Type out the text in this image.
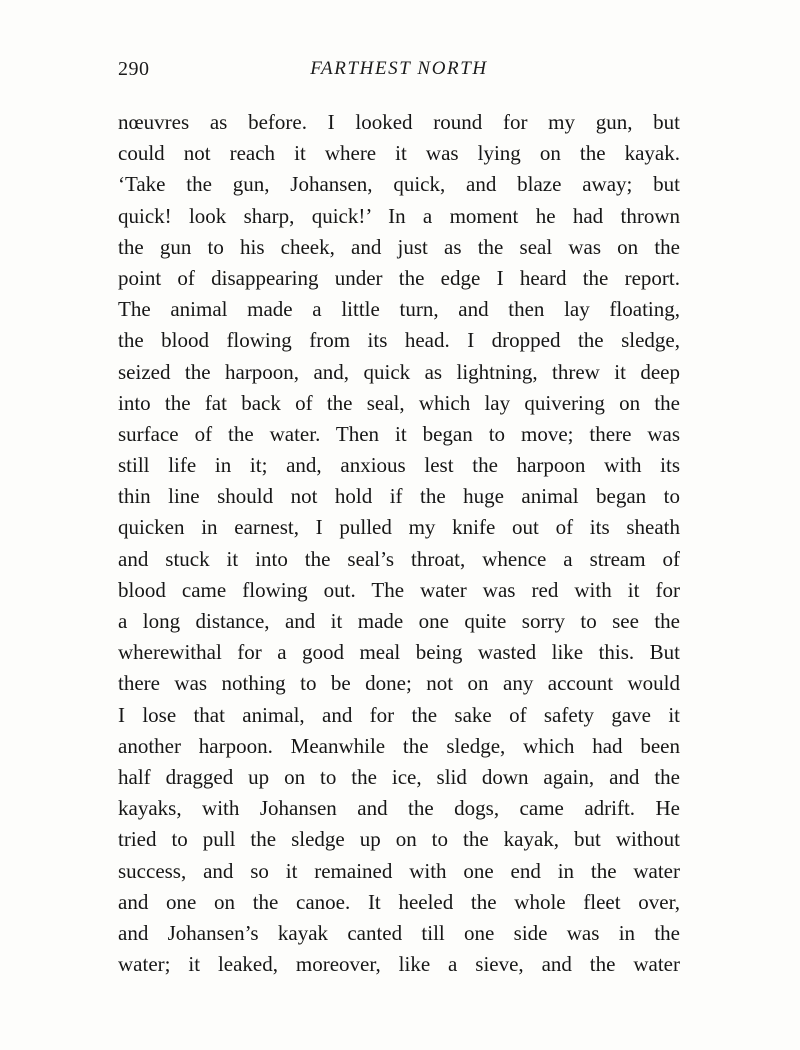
290	FARTHEST NORTH
nœuvres as before. I looked round for my gun, but
could not reach it where it was lying on the kayak.
‘Take the gun, Johansen, quick, and blaze away; but
quick! look sharp, quick!’ In a moment he had thrown
the gun to his cheek, and just as the seal was on the
point of disappearing under the edge I heard the report.
The animal made a little turn, and then lay floating,
the blood flowing from its head. I dropped the sledge,
seized the harpoon, and, quick as lightning, threw it deep
into the fat back of the seal, which lay quivering on the
surface of the water. Then it began to move; there was
still life in it; and, anxious lest the harpoon with its
thin line should not hold if the huge animal began to
quicken in earnest, I pulled my knife out of its sheath
and stuck it into the seal’s throat, whence a stream of
blood came flowing out. The water was red with it for
a long distance, and it made one quite sorry to see the
wherewithal for a good meal being wasted like this. But
there was nothing to be done; not on any account would
I lose that animal, and for the sake of safety gave it
another harpoon. Meanwhile the sledge, which had been
half dragged up on to the ice, slid down again, and the
kayaks, with Johansen and the dogs, came adrift. He
tried to pull the sledge up on to the kayak, but without
success, and so it remained with one end in the water
and one on the canoe. It heeled the whole fleet over,
and Johansen’s kayak canted till one side was in the
water; it leaked, moreover, like a sieve, and the water
